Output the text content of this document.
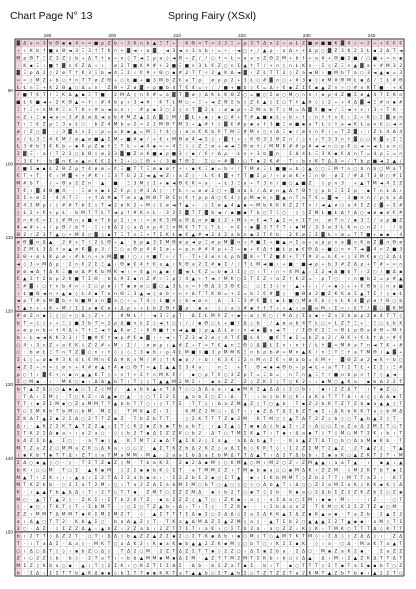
Chart Page N° 13	Spring Fairy (XSxl)
▓ Δ a ∩ 3 b Θ ▪ ▪ 4 = = ■ ρ Z b ı 3 K n b ▲ Ξ T ÷ · K Θ = T = 3 3 Ξ ÷ ρ 3 T Δ ∩ 2 ÷ a Ł Z ■ ø ■ ■ K ▓ 4 ◊ = 2 ÷ + € € €
÷ ı K b † ■ a Θ ◄ 3 Ξ 3 † T K ∩ + ▓ ◄ ı a ▓ · ◄ 3 ◄ ∩ 3 a b ı = ÷ · ◄ ○ + / ▲ ρ · a Δ + + Δ ρ ○ ▓ Z 3 K 2 2 Ł ▪ 2 Δ T ◄
M ρ Θ T Ξ Z 3 Z ◊ b + Δ T † a ÷ n ◊ T ◄ Ξ ρ a ◊ ◄ Θ ÷ Z / / ○ † = Ł = a a n Z Θ 2 M + b † + a # + Θ ■ 2 ■ / ○ ■ + = n ▪
· K ▪ Ξ ı ■ † ▓ ∩ € Z Δ ÷ ı · ø 2 T ■ K # # + 2 ■ Ξ ■ ∩ 3 Ł € Z ○ n Σ ▲ † T / + ∩ ◊ ∩ Ł K ∩ · Σ ◊ Z Ξ ∩ ▲ ▓ a + # M 3 2
▓ Ξ ρ Δ 2 ◊ 2 ø T † K 3 Ξ b ◄ 4 Ξ Σ ı € # ÷ Θ ○ ▪ # 2 T T ÷ 2 ▲ K Δ ◄ ▓ ı Z Ł T T 2 ◊ Z a ◄ Θ ı ■ M b T a ○ 3 ◄ ▲ ▪ = 3
= = ◊ M Z + b ○ † n T T ø Z Θ + ○ Ł ■ + ■ 3 M b Z € a T ρ · ø ρ ρ 2 + 3 Ł ○ # ▓ ∩ ○ + # 3 ▪ ◊ ø M # Θ M Ł ▪ Δ / Ξ Ł # Θ
Ł Ł ∩ Ξ + K 2 Θ ▲ ○ Δ = n · Z Θ + Z ø ▓ ÷ ρ ■ b 4 T € 4 = ÷ / / ■ + ■ b ◊ € = Δ ÷ € ▪ Z Σ € ▪ ▲ Z n ÷ ○ # n K T ■ · + K
/ ■ T € T / Ξ K Δ ▲ ▪ Ξ T ■ · 2 M Δ ◊ n € # = a ▓ T ▓ ø ◊ Δ K Ł K Θ Z ○ = ■ ○ Σ ø ○ M ○ ∩ n / ø ρ 4 Z ■ Σ ø ▲ 4 T Σ K n
■ Ł € ■ ◄ ÷ 2 K Θ ▲ = † ı # 4 b ρ + 3 ◄ # · K T Ł M ○ ÷ Ξ ÷ ◄ Z Θ Σ b ◊ Z € ▲ ◊ Σ ○ T † ▲ # ◊ ◊ 2 ÷ + 4 Δ ▓ ◄ Ξ # n ▪ #
Ξ † Ξ ÷ n M # Ξ n T K + # a ◄ a n ı · # ρ ▪ 3 ○ 2 ◊ ∩ T ▓ 2 Ł ı ø ▪ ρ ÷ Z M a b T ◊ M = Δ ▓ € ■ ◄ / Ξ ◄ + + ı 3 ÷ T K ·
= Z + Ξ ▪ ◄ a = 3 # Δ ø Δ ◄ a b # M Z ▲ 2 Δ ▓ ◊ M / ▓ Ł + ▪ ı ▪ ○ # + T # ▲ ■ ▪ Ł ÷ b + † ı ∩ † † ∩ € ı 2 ÷ K ○ 2 ▓ ø n
T ı Ξ € Z ρ Ξ 3 a Ł ○ · b Z 4 M b a 2 = 2 2 M Θ T M 3 ÷ ▲ # † ◊ ▓ € # ρ ▪ a † 3 ■ Ξ ø ■ ▪ a T Ł ◊ † a ◄ K Ł a ∩ € ○ ◄ n
ø / Z ○ ▓ · / 3 ▓ Ł ∩ Σ ı ρ = a b ▪ ▲ = M Ξ † 4 ○ ı ø a € K b € T M Ξ # M ∩ ○ ∩ Δ Ξ ▪ / ø n ∩ € / = T Z ▓ ı ı Z Ł 4 Δ 4
∩ / Ł 3 Ξ 4 € M / ø ▲ ø ■ ▲ Σ M ÷ ■ # ▪ / + € + M Θ ø 4 ◄ Σ ◊ ı ▓ † + ı K Θ 3 2 Θ Z n / ◊ ∩ + T 3 3 ∩ † ▓ ○ ○ K ▓ + Σ Ξ
Ł 3 # b 3 € K b ÷ ▪ K ρ Z ▪ † Ξ T Ł ÷ ◄ 4 ▪ = = 4 Ξ ◊ ◊ Z Ξ ø + ◄ ◄ Ξ Θ ø † / M M K # # ρ # ◄ ◄ ∩ ○ ρ € ○ ◄ = ◄ Ł a ∩ ○
2 ▓ Ξ · a / T 2 2 ○ b Θ ◊ ø 2 3 ▓ ■ Z a K ■ ▪ ρ ■ 3 / ▪ / € ÷ Δ ρ · Ł ∩ + 3 b ▓ n · Σ Δ 4 Ł Ξ 3 K ▪ € Δ n T = 4 ρ Ξ = ∩
· 3 € † · b ▓ n K a ▲ ∩ € € 2 † Σ ÷ ○ Ξ Θ + / 3 ■ T Θ Σ · Σ ○ = # ▓ ı ○ T ▪ 2 K # · T ı b ∩ K T Δ Δ = / T b ρ ■ ◄ 2 ▲ /
/ ■ Σ ▪ ▪ Ł Z Θ Z ρ † 4 ø ø = € Ξ ■ T T Ξ ø ▪ ø † + ı ▪ K Ξ ▪ = b ÷ / T M ø Ξ Ł ■ ■ = b ◊ ▲ ◊ ○ Ξ M † ∩ ○ b n b ○ M a T
€ T + T · € ı M ▓ + + # K ı Ξ 3 T b 2 Σ ◄ ▲ ◄ Z ı a Z ◊ · Ł € 4 ▓ + † T ■ Σ ρ / ÷ ø ø K + Ξ n Θ · ø Σ / # Δ T 3 Θ ○ # Σ
M # b T · / ÷ Θ a 2 Z n · ▲ · ■ · Ξ 3 M ◊ Σ + ▪ ◄ Θ € K = a · ÷ Ł 3 Ξ a ÷ T 3 n / ■ ○ ▲ ■ Z · ◊ ρ n 3 · + ▲ T M ◄ 4 Σ Z
T € ı ▓ 4 Θ ■ 4 · · Ξ ø ∩ ▪ Ł Z € ρ ◊ # 3 Δ ◊ · † Ł ÷ = ø ø 2 ○ + ▓ a a Ł / Δ ø n ▲ Δ † Θ † ◊ ρ b Ξ Σ Σ ρ · ▪ T n Ł Δ ı
Σ Σ ∩ ø Σ · 4 4 T Ξ · + † Δ # ▪ T ø a ▲ M Θ T Θ Σ n € † ρ ρ Δ ○ € 4 ◊ ρ M ◄ b n ▓ ▲ ∩ T a T € = ▓ ◄ · 3 ■ n ∩ / ρ Ł a Δ
Z 4 Σ M ρ / ◊ # # T b Σ ◊ T ◄ 2 ø K 2 ÷ M ◊ 2 ø ◄ T ▲ ÷ · ◊ Σ ø ▲ 4 ▲ ▪ = M b K K K Z 2 T ∩ / ◄ ▲ ø ○ a 4 Σ Z ◊ ▓ ÷ Σ #
◊ Ł 2 + € + ρ Ł · b M T T Ł T ◄ ρ † # K ∩ Ł · 3 2 Σ ▓ T T ▓ b ◄ / ▪ ■ ▪ T b ○ T Ξ ○ · ◊ ◊ Z M Ł ■ Ł Δ † Δ ○ ◄ ø ▪ ø € #
3 ∩ # € = Σ ◊ # M ∩ a ■ ∩ T b ρ 2 ı n ı = ø K 3 M a Θ Δ n ø ■ 2 2 + M + = € ◄ T ▲ 2 = ∩ Σ T n · ø T ∩ / ▪ 3 Ξ / a ρ ■ Z
4 ◄ # + + / ρ Θ / b T · Ξ ı b Δ 2 ◊ a Δ n ρ 4 Ξ n M € T T ◊ T Ł · n € ı ▪ ▓ 3 T T T ı ▪ M / 3 3 ø 3 Ł K n ○ n 2 / · / b
Θ 2 ÷ Z 3 T ▲ ○ + M 4 ○ ▓ ◊ ▪ T Ξ T ∩ Ξ + T Σ K Ł ▪ € ▲ # ◄ 2 4 2 a b n ▪ 2 T € b · 2 € ø Ξ Σ ▓ Ł ÷ ø = T T ■ + ▪ ▪ · 4
ø Θ ▓ n Δ ▲ · 2 # + T / 2 Ł Θ ÷ ▲ · b ρ ▲ 3 Σ M Θ ø ρ ◄ ρ Ξ ø ρ M ▓ n ÷ 4 ■ Σ + ■ ▲ = Σ a + a ρ ρ ∩ a ▓ ∩ K ø Z ▓ ∩ Θ ø
3 Z M Ł 3 Δ † a ▲ ø K ▓ ρ 3 / Ξ ○ a Θ ρ 4 4 Σ ø ÷ = ρ n # # 4 ρ + Σ ÷ ▪ + € Δ † ■ Ł ρ ▪ € Θ Δ ÷ ■ ○ ∩ n T ◄ ▓ 4 ∩ 2 ■ 3
Σ Θ + ø Ł K ρ ø ı # b ∩ + a M ▓ ■ / ○ ı n ■ T ÷ / T · T + 2 ø ∩ Ł ρ b ▓ K ÷ T Z ■ K + T T # 3 = Ł € + ◊ 3 M € ø ○ 2 Δ Ł
◄ ◊ 3 = M Δ ρ · 2 ∩ € 2 Σ Ξ ▲ ı Θ ▪ € 4 † € a ▲ ı K Θ a 2 Σ # ▪ Σ / / T Ł M ◄ ■ ı + ■ · ■ ◄ ρ ÷ b 3 # Z Δ ρ + T # ÷ = ∩
ø ø ◄ Δ † Δ K Ξ ■ ø Δ # K b M K ◄ ı + 4 ▲ n ▲ ▪ / ▓ ◄ Ł € Z = b ▪ 3 Σ ◊ ○ ı T ı ∩ ÷ 4 M ▲ ı Σ 2 ◄ Δ ■ b T ı 2 ○ / ■ Δ ▪
€ ▲ Σ † Σ b ρ 2 K ■ T Σ Θ · b Ł # Σ ▪ ∩ Z # ÷ Ξ ρ / 4 ▲ ÷ † ◄ / M K ○ Σ T Σ Z ÷ a Z † K Z = · ρ T ○ · ı ∩ ■ b 2 = ρ # ▲
Ξ # ▓ ı ○ † ∩ b 4 ∩ ı Σ ○ ρ ø / T ▪ ø ø ○ ▓ ○ ▲ 3 Ł ∩ = † Θ Δ 3 3 Θ € ○ · ○ Σ 3 ◊ ∩ · ▲ + ı ı / + ▪ ◊ + + € Θ b ◊ ∩ a ■
ı Ł ■ Θ ◄ n + ▲ ▪ ◊ Ł 4 ▪ T a n Θ Ξ 3 ▲ ◄ ◊ ø b ÷ ∩ + Δ T T K Θ = + 2 = b Ξ € # ▓ ◊ · ■ Θ ø 2 ■ Z K K ø Σ ▲ T Σ / ◊ ▪ Ł
◄ ρ T # a M ▓ b + b ■ M a n ▓ a ○ ÷ = T 4 ◊ Ł ■ ∩ ◊ b ◄ ø ∩ · Δ · 3 Ξ 3 # € ▓ ◊ ▪ Ł ■ ○ M ø € b ◊ n Ł K 4 ▓ ρ ø † Θ ○ b
T ▲ n + ÷ K ÷ M / Σ 2 a ▪ € ø + Δ ρ + + Ł b Z Θ † ▓ ρ · ▪ a · ◊ ◊ a ◊ # ▪ † † T ÷ + ▲ ı a ▓ a M ı Σ ∩ ı € T / ▓ ○ ▓ K M
# ø Z ∩ ▪ Ξ ◊ ○ + ○ Δ ◊ Z ÷ / · # M Ł / · ◄ 3 Ξ ρ T · Δ Σ Ł M € Z ÷ ▪ ÷ ø ◊ K ○ / # Δ ◊ Σ a ▪ ÷ Z ∩ 3 b ø ρ 2 ø 4 T T ◊
b T = ◊ ◊ + + Ξ ◊ ■ 3 b T = 2 ρ Δ ■ n Ł Σ ◊ ◄ † ○ ı / / ▪ Θ ○ Ł + ■ / Δ ◊ b · / ▲ ø a b 4 T Ł ○ = Ł Z T Ξ + · Ξ ○ Ł b K
÷ ø ρ n b = † 4 Δ + T † Ξ ◄ † ▲ K ø Ξ ı K Θ ■ † n ◄ ▲ ■ ◊ ρ ▲ Δ Ł ø ı ∩ ◄ ▪ ▓ a ◄ T · / Σ Θ € 2 Ξ = Θ Ł ρ Θ a # Θ ÷ M †
b ÷ Ł ◄ ◄ K K 3 3 / T ■ # € † ◄ ρ # € ▪ ▓ ı ÷ ◄ ÷ T Z 3 ◄ 2 ø ◊ 4 T € ▓ Ł 4 · ■ € T ▪ Σ = b Z a 2 / Θ € + € Ł † Δ ÷ # €
○ 4 ı 3 ∩ Z + a € K ◊ Z 2 # + M ı Σ / · ø ø ρ ı ▲ # Z ÷ T = T € ▲ n Ξ Θ ◊ Δ ▓ Ł Σ ∩ ı n † / Ł † ▓ = M # a T n ◄ T K ÷ #
○ · b ø Ł Ξ T n T Z ▓ ○ n ı † ◊ ◊ ◊ Ξ 3 ▪ b ı ρ 4 Ł M ■ ◊ ■ 3 ρ M M K Ξ n b ρ b # = M n ▲ K / n Ξ T Ξ † a T M Θ / ▲ ▓ ÷
Σ Ł ◊ = ø ▪ # 3 K 4 Ł € M n € Δ # K ∩ M / # ◊ † K ▪ ø / ÷ b ı K 3 € Ξ 2 n M ∩ Σ € ÷ Θ a b = 4 M + · ▓ Θ Z ø 2 ◄ K ÷ b ○
◄ Z 2 ÷ ∩ = ◊ ø ∩ + 4 # ø ▲ † 4 ▪ ○ Θ T = ▲ Σ ▲ ▲ Σ 3 4 a · · n Ξ · + T · Θ ◄ ▪ ◄ Θ b ÷ ρ ◄ Ł + a T T 2 T Ł ÷ Σ Σ ı Ξ #
ρ ○ † ı ▓ € + ∩ ▪ ∩ ▲ ▲ K T ◊ ÷ ∩ † + Σ † ∩ M K € / · ▪ ○ ρ T € ○ 3 Z ρ T = Ξ b = · ∩ T ∩ ▲ Ξ † / ■ n b ρ ∩ † † ◊ ▲ ◄ ·
Σ ○ M ▪ · ı · M K ○ ▪ ı Δ Δ ▲ b T ı T ◊ ◊ T ▲ ▲ M 2 M Σ ı · ▪ a Z Z · Z ◊ Z K Σ ◊ T ○ K 2 ı ı ▪ M ○ ▲ K a · ▪ b Δ 2 2 T
b T ▲ Z Δ ○ ○ ▲ ▪ ▲ ○ Σ Z ◊ M ◊ · ▲ a b b ▲ a T Δ T ○ ○ Δ Δ a a ı ▲ ▪ M K Σ ▲ Δ Δ ◊ 2 ○ b ı · ▪ ı 2 Z Δ T · ı T ▪ Z ○ ·
· T Δ ı Σ M ◊ · T ○ K Z ı Δ ▲ ▪ ○ ▲ · ◊ ○ T Σ 2 Σ · ▲ a b Σ ○ Z ı Δ · T · ı b ◊ b K ○ K ı a K a T T T Δ ı a ◊ ◊ Δ Δ ▪ T
T T ı ▪ Z Σ M ▪ ○ Z a M M T T ▲ b b T T ○ ı ◊ T T Σ · T T ◊ ı Δ a Z M ▲ Z ◊ T ○ ▲ b · T ▪ Z 2 b K T Z T Z b ▪ a ▲ ▲ ◊ T
T ○ Σ M K b T b M ○ b M · M 2 ◊ · T M K ▲ Z ı Σ · · K M Z 2 M ○ ı Δ T ı ı ▪ Z Δ T Δ Σ b Z T ▪ Σ ı Δ K b K K T a ◊ b M Δ
Z K Δ T ▲ 2 ▪ 2 Σ Δ ○ 2 T T Z ▪ Z · T b Z b T T · · ◊ Σ K T T T Z ▪ 2 M · K T M ○ ◊ ▲ T Δ T 2 Z ◊ b ◊ ○ T ▲ b ▲ 2 ◊ T ·
Δ ı · ▲ K 2 2 K T ▲ T Z 2 ▲ ı Σ T ◊ K 2 ▪ Z b ▪ T b a b T · ı ▲ Σ ▲ ◊ T ▪ ▪ Δ ◊ b ▲ Σ ı 2 ı Δ ○ ○ Σ a Z a Δ 2 M Σ T ○ T
Σ T K 2 Σ Δ ▪ a ı ı a 2 a ○ · ◊ ◊ b 2 T ▪ Δ Σ Z Z K ○ b 2 · Δ T ○ T M Σ K ▲ T ı T ▪ ı Δ a ▪ T ◊ T ◊ M ○ M T Σ K ı b ı T
a Δ Z Σ b ▲ · Σ ○ · · a T ▪ ◊ ▲ · K T M T 2 ▪ Δ T ▲ Σ K 2 ◊ Σ a ▲ · a b Δ b ▲ T · · K a ▲ Z T Δ T ○ b ○ Δ a M ▪ K b · T
M T Z a Z 2 ○ M M a Z K ○ Δ K a ı ○ ○ 2 · ▲ Σ T K Z b Δ 2 K Z ◊ a Δ Σ b ◊ K K T ◊ ı Σ 2 Z Σ M T 2 ▲ 2 · 2 T ▲ 2 2 · T ▲
ı ▪ K b T ▪ T T Δ ı Z T ◊ a T M a M M ı M ▲ · 2 a a Σ b Δ a Σ b M Δ T T Δ ▲ T ı Δ 2 T Δ b b ı Σ ▪ a K ○ ▲ Z K T 2 T ı M
Σ Δ ○ ▪ ▲ ◊ ○ · ◊ · T Σ T Z ▪ Z ◊ M · T b a K Σ · 2 ▪ 2 Δ ▪ M ◊ ○ K M ▲ ○ M ı M 2 ○ Z ı Z M ▲ ▲ ı a a T ▲ · ı · ▪ ▲ ı ▲
b K ı ○ ○ M · T ○ Σ · ▲ K ▪ M · ◊ 2 2 ▪ ▪ b K ◊ Σ T · a T M M 2 Z ı T M ▪ b ▪ a ○ ○ ▪ M Δ K ı Z Z M · ◊ M 2 K T b T ▪ Σ
M ▲ T ı Z K ı ı ı ▲ a ı Σ 2 T Δ 2 2 a b ▪ a ı · Σ 2 Z b Σ 2 ▪ ○ Σ T ▲ · ▪ ı Σ K b M M T ◊ Z b 2 T T ı M T T a 2 ı · K T
M T K Z b b · ○ 2 Σ a T 2 M ı ○ ı T a 2 Z Δ Σ a b M Σ M ○ b T ○ ▲ ○ ◊ ○ ◊ ○ Δ b ▲ T ı Δ ○ ○ Z 2 a M Σ a K ◊ K K ▪ K ◊ Δ
K · ı ▲ ▲ T b ▲ Δ Δ ı T ı 2 T ○ T T ▪ · Z M T ○ Σ Z Z M Δ · ▪ ◊ b 2 T ○ ▪ T ◊ 2 b · K ▪ a ○ 2 Δ b Σ Z 2 Z K Z b Σ ○ Z ▪
M ○ · ▲ T T ▲ 2 ◊ · Z K Σ ı Σ T b 2 K T Z · ▪ a Σ Z Z ◊ ▲ T ○ ı Z K ▪ ı a ◊ · a Σ Δ a ○ Σ M ı ▪ ▪ ı M ı · · ı Z · · ○ T
◊ · ▪ ○ ı T K T ◊ T ı Σ b M T · ı ○ Σ ○ T Z ▲ b ı Δ ı T ı T ◊ · T Z K ▪ · · ı Σ b Δ a a Z · T K M ○ K 2 Σ Z T Z ▪ ○ M ·
Z Z ı M M T Δ M M T ▪ K Σ M 2 M Z T · ◊ · ▲ Σ T T T Σ Δ ▪ 2 ○ 2 Δ Δ ◊ 2 a Σ Δ K K ▲ Σ Δ Z ▪ K ▲ a ▪ · T a Z b · 2 ▲ Σ 2
a ı Δ ▲ ○ T T 2 · K b ▲ Σ ○ · b a Δ ▲ Z ◊ T · T K a ▲ Δ M Δ Z Σ ▲ Z M ◊ a ◊ · ▲ T Σ b 2 ○ ▲ ▲ ▲ Σ 2 T ▲ ▪ ▪ · a M ◊ T Σ
2 ○ · Δ Z · ◊ Σ Z Z Δ ▲ ı ▲ b Z ı 2 Z a b ı 2 Z T T Σ T ı a K ı ○ Σ T b 2 a · a ○ Z Z ı K ◊ K ı T M K ○ T T T Δ ◊ K T T
b ı 2 T T ◊ Δ Z 2 T · ○ T ı Δ Δ ◊ b ▲ Z Z ▲ Z Σ ▪ 2 ○ Σ T K ▪ Δ b ı ▪ ○ M ◊ T ○ ▲ M T K T M ◊ ı Σ Δ ◊ ◊ Z Δ Δ ◊ ı · Z Δ
T · ı T a Δ Σ · Δ a ◊ · M K T ○ a Δ K 2 ı K ▪ a K ▪ b ▲ ▲ 2 Z K ▪ M ◊ ○ b T ○ ı K 2 Σ ▪ K · ◊ ı a · ○ Δ · M a K T a ▲ T
○ ı Δ ○ Δ T ◊ ◊ ı ▪ b Z ○ Δ ◊ · T Δ 2 ○ M · 2 Z T Δ Z Σ T T ▪ ◊ 2 Z ○ ı Δ Σ ▪ Σ b a · 2 Δ ○ · M ▪ Z a K 2 ▪ · · Σ a Z Z
Z ı ○ 2 Z ◊ b · b ◊ · 2 T a T ı ı b b ▲ M M ▪ M ▪ Δ Σ M · ▲ Z T T M 2 M T Σ K b ı b ○ ◊ Δ ▲ · Δ ı M ı 2 ▲ Z K Δ T T Δ T
M Σ Z ◊ K b a ○ ▪ · ▲ ı T ◊ 2 Σ K ı ○ K Z T Σ Σ Δ Σ · Δ b · b Σ Z a T ▪ Σ · b ı T · ▪ ○ T T T ◊ Σ T ▪ T a Σ ▪ ▪ b T ○ Z
b · Σ Δ ı Σ Σ T T b ▲ K Δ ▪ ▪ ◊ b Σ T T ▪ ▪ K K T a T ▲ ▲ b ○ Σ T ▲ b Σ ○ T Z T Z Z T a 2 K M T ▲ Z b T b ▪ ı ▲ 2 2 T ○
190	200	210	220	230	240
90
100
110
120
130
140
150
